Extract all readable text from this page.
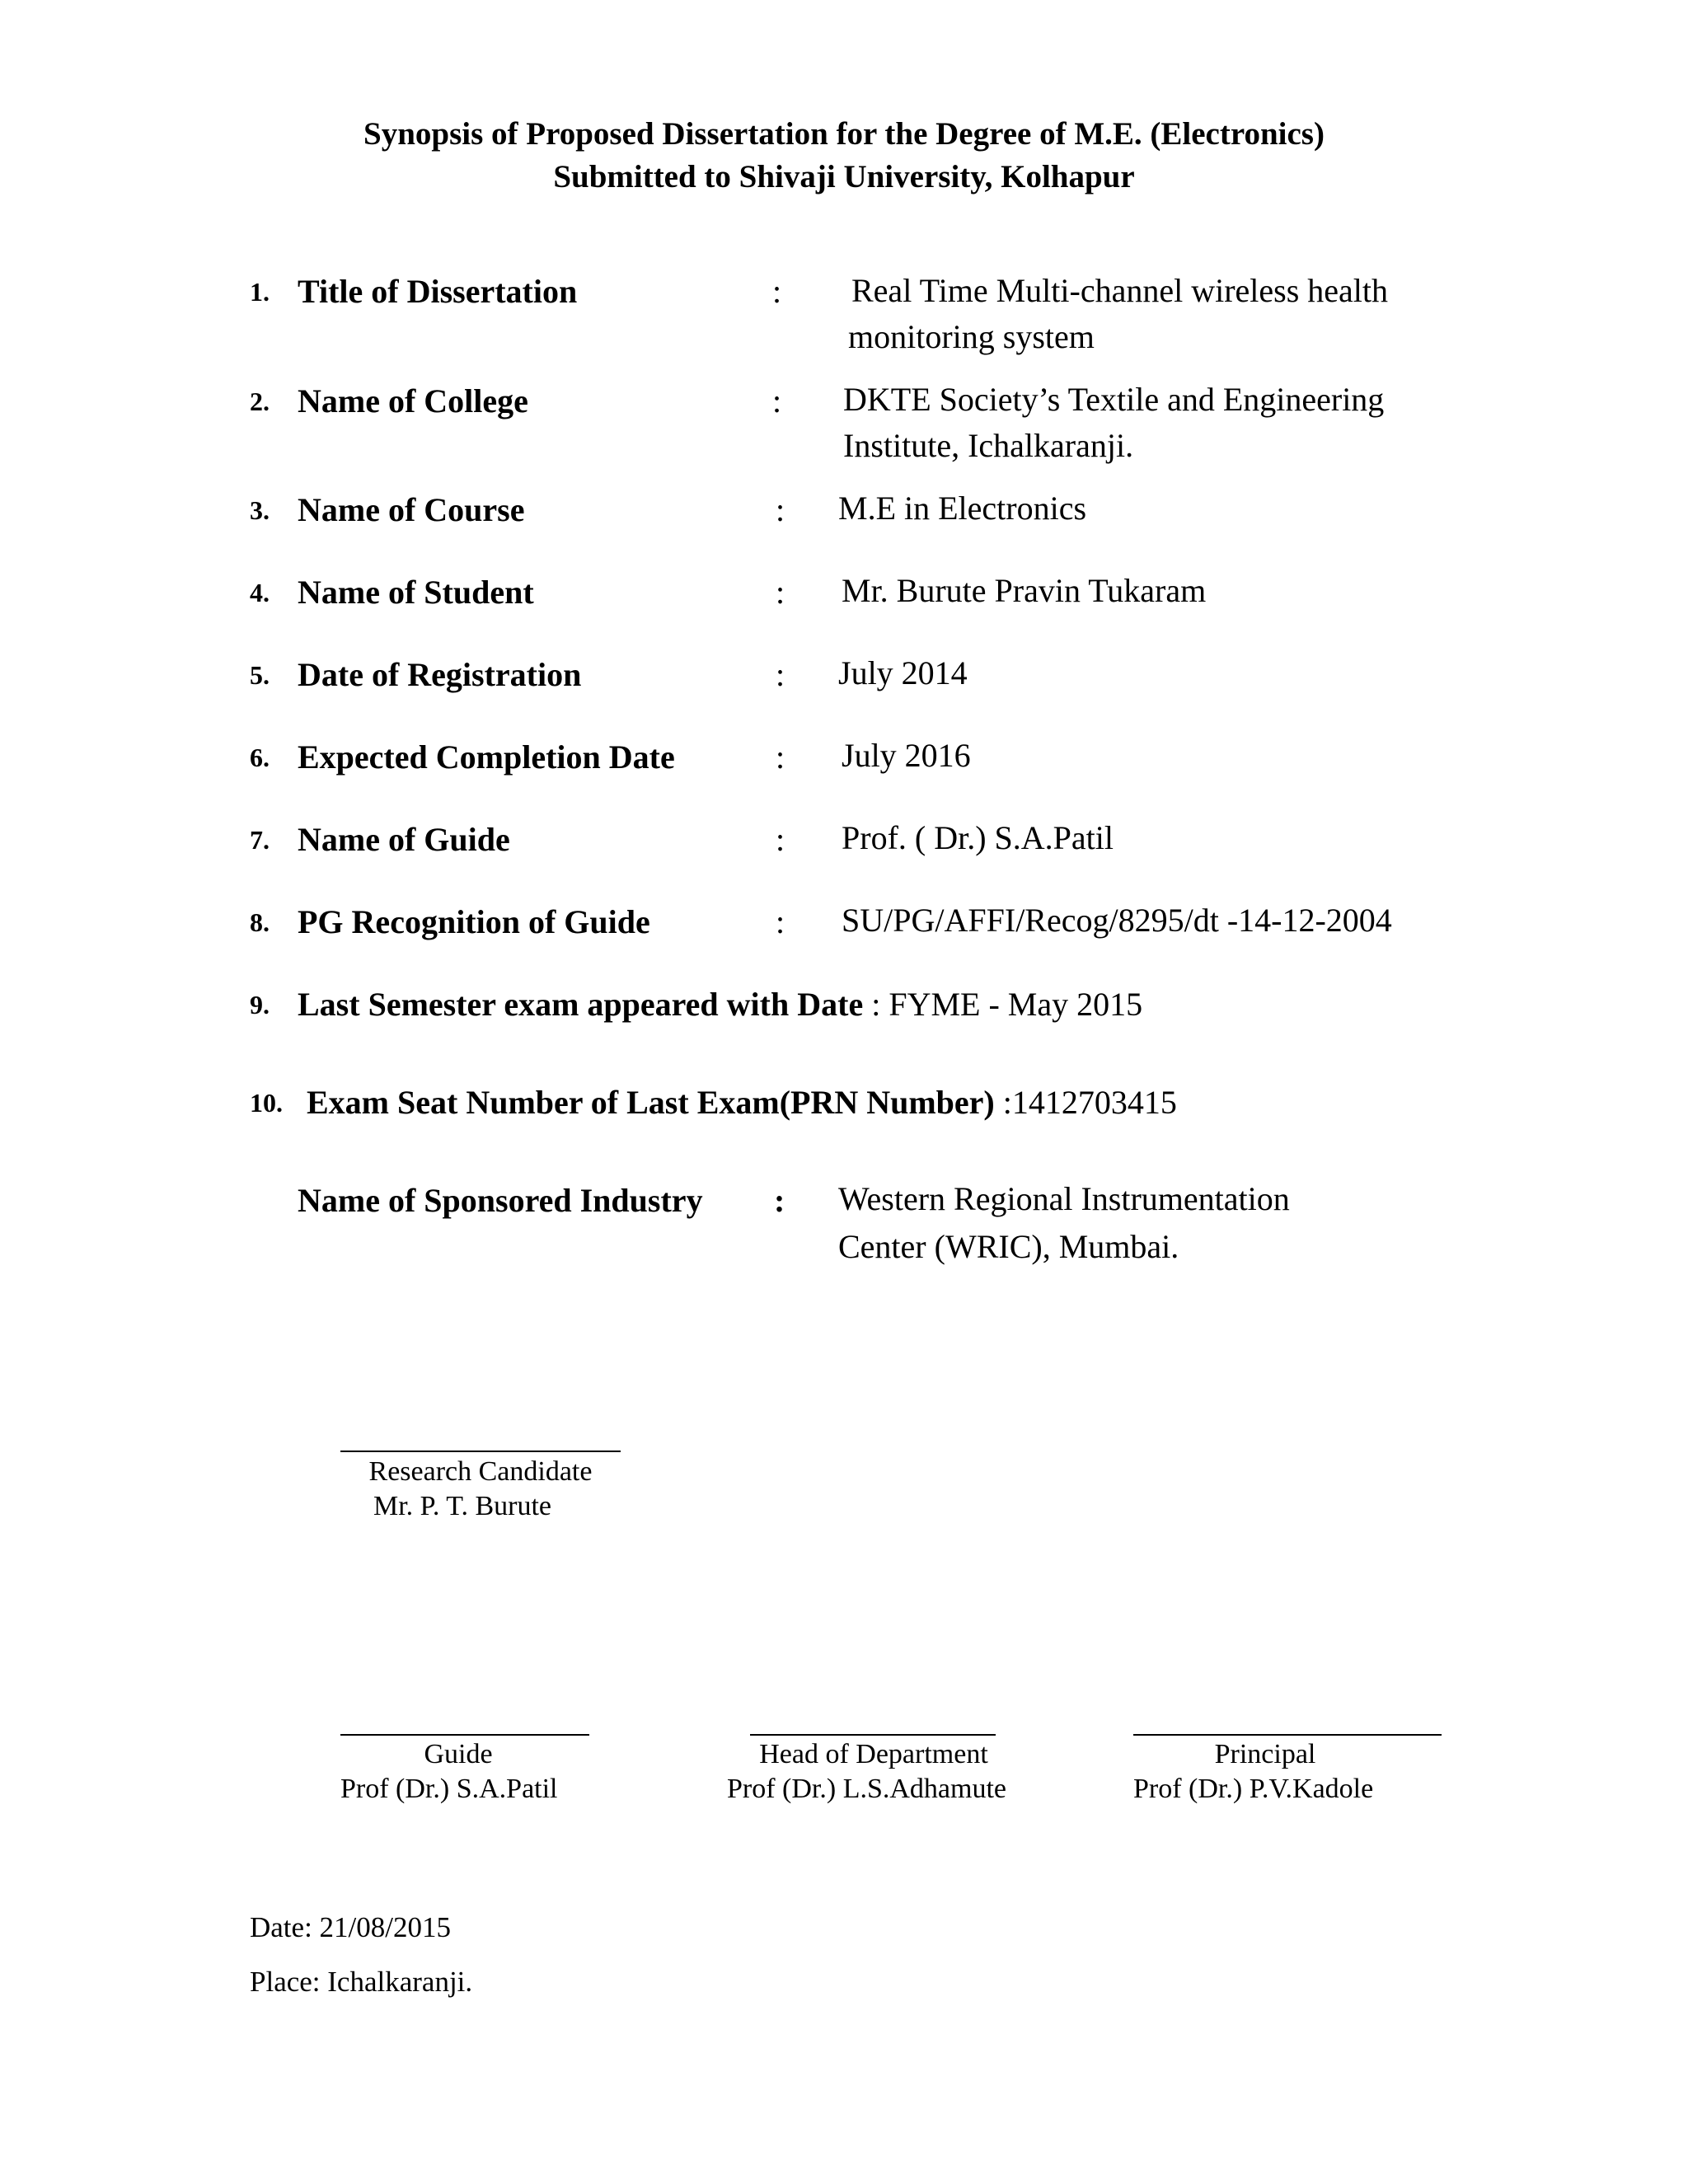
Synopsis of Proposed Dissertation for the Degree of M.E. (Electronics)
Submitted to Shivaji University, Kolhapur
1. Title of Dissertation	: Real Time Multi-channel wireless health
monitoring system
2. Name of College	: DKTE Society’s Textile and Engineering
Institute, Ichalkaranji.
3. Name of Course	: M.E in Electronics
4. Name of Student	: Mr. Burute Pravin Tukaram
5. Date of Registration	: July 2014
6. Expected Completion Date	: July 2016
7. Name of Guide	: Prof. ( Dr.) S.A.Patil
8. PG Recognition of Guide	: SU/PG/AFFI/Recog/8295/dt -14-12-2004
9. Last Semester exam appeared with Date : FYME - May 2015
10. Exam Seat Number of Last Exam(PRN Number) :1412703415
Name of Sponsored Industry : Western Regional Instrumentation
Center (WRIC), Mumbai.
Research Candidate
Mr. P. T. Burute
Guide
Prof (Dr.) S.A.Patil
Head of Department
Prof (Dr.) L.S.Adhamute
Principal
Prof (Dr.) P.V.Kadole
Date: 21/08/2015
Place: Ichalkaranji.
